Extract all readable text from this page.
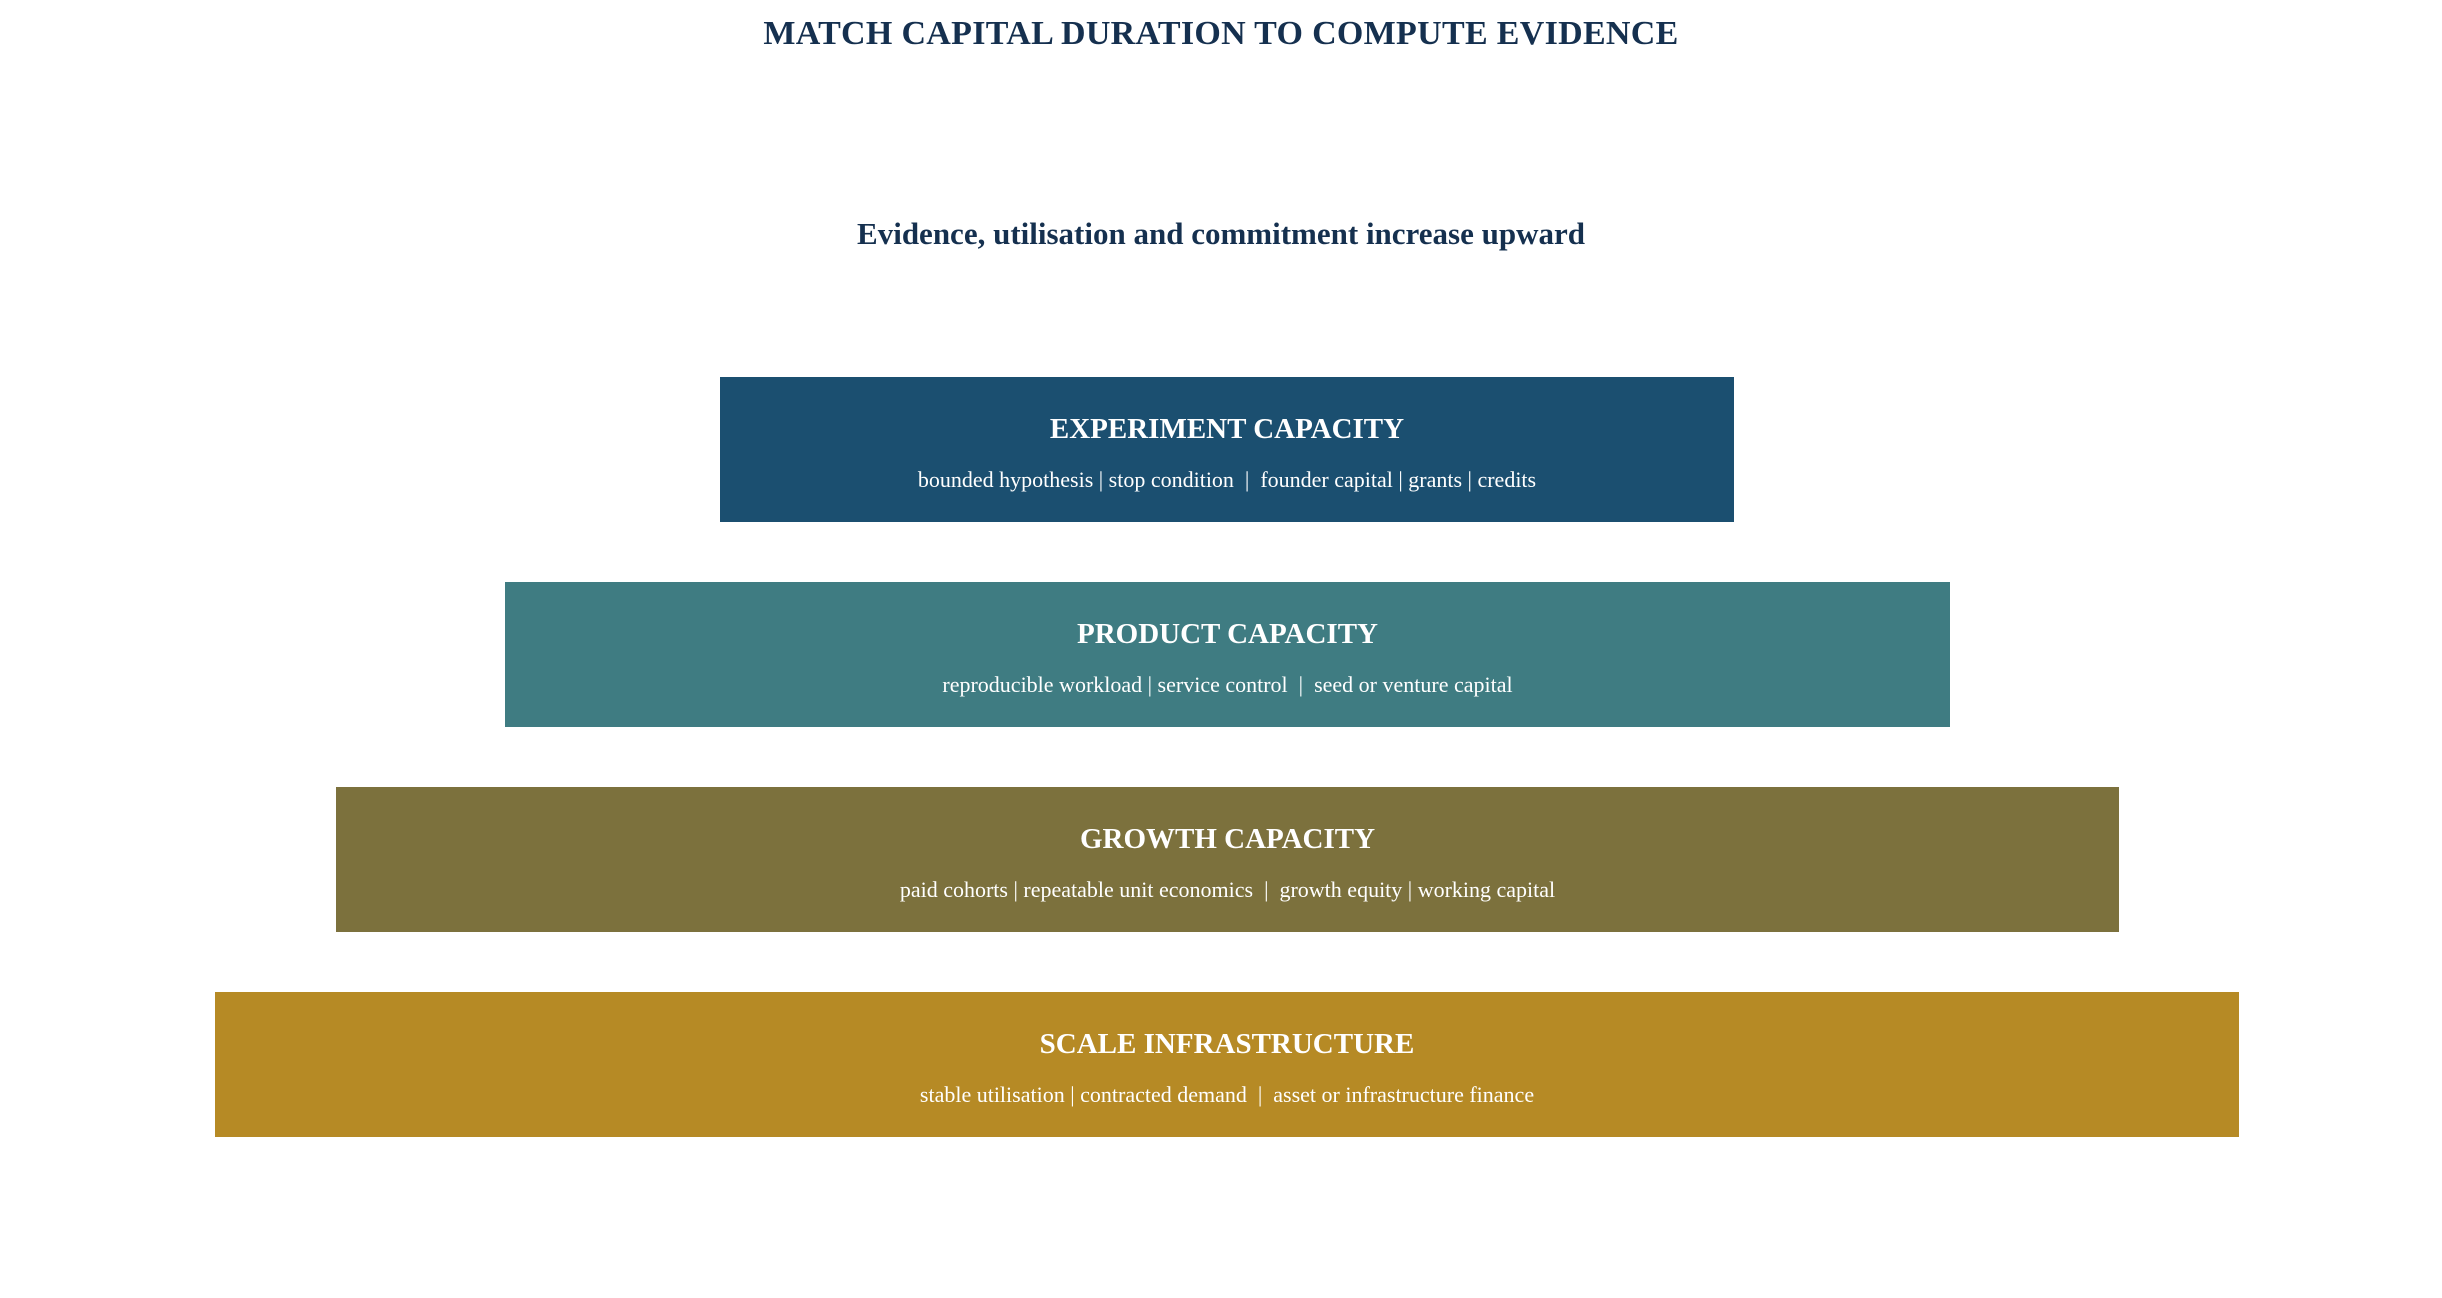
MATCH CAPITAL DURATION TO COMPUTE EVIDENCE
Evidence, utilisation and commitment increase upward
EXPERIMENT CAPACITY
bounded hypothesis | stop condition  |  founder capital | grants | credits
PRODUCT CAPACITY
reproducible workload | service control  |  seed or venture capital
GROWTH CAPACITY
paid cohorts | repeatable unit economics  |  growth equity | working capital
SCALE INFRASTRUCTURE
stable utilisation | contracted demand  |  asset or infrastructure finance
